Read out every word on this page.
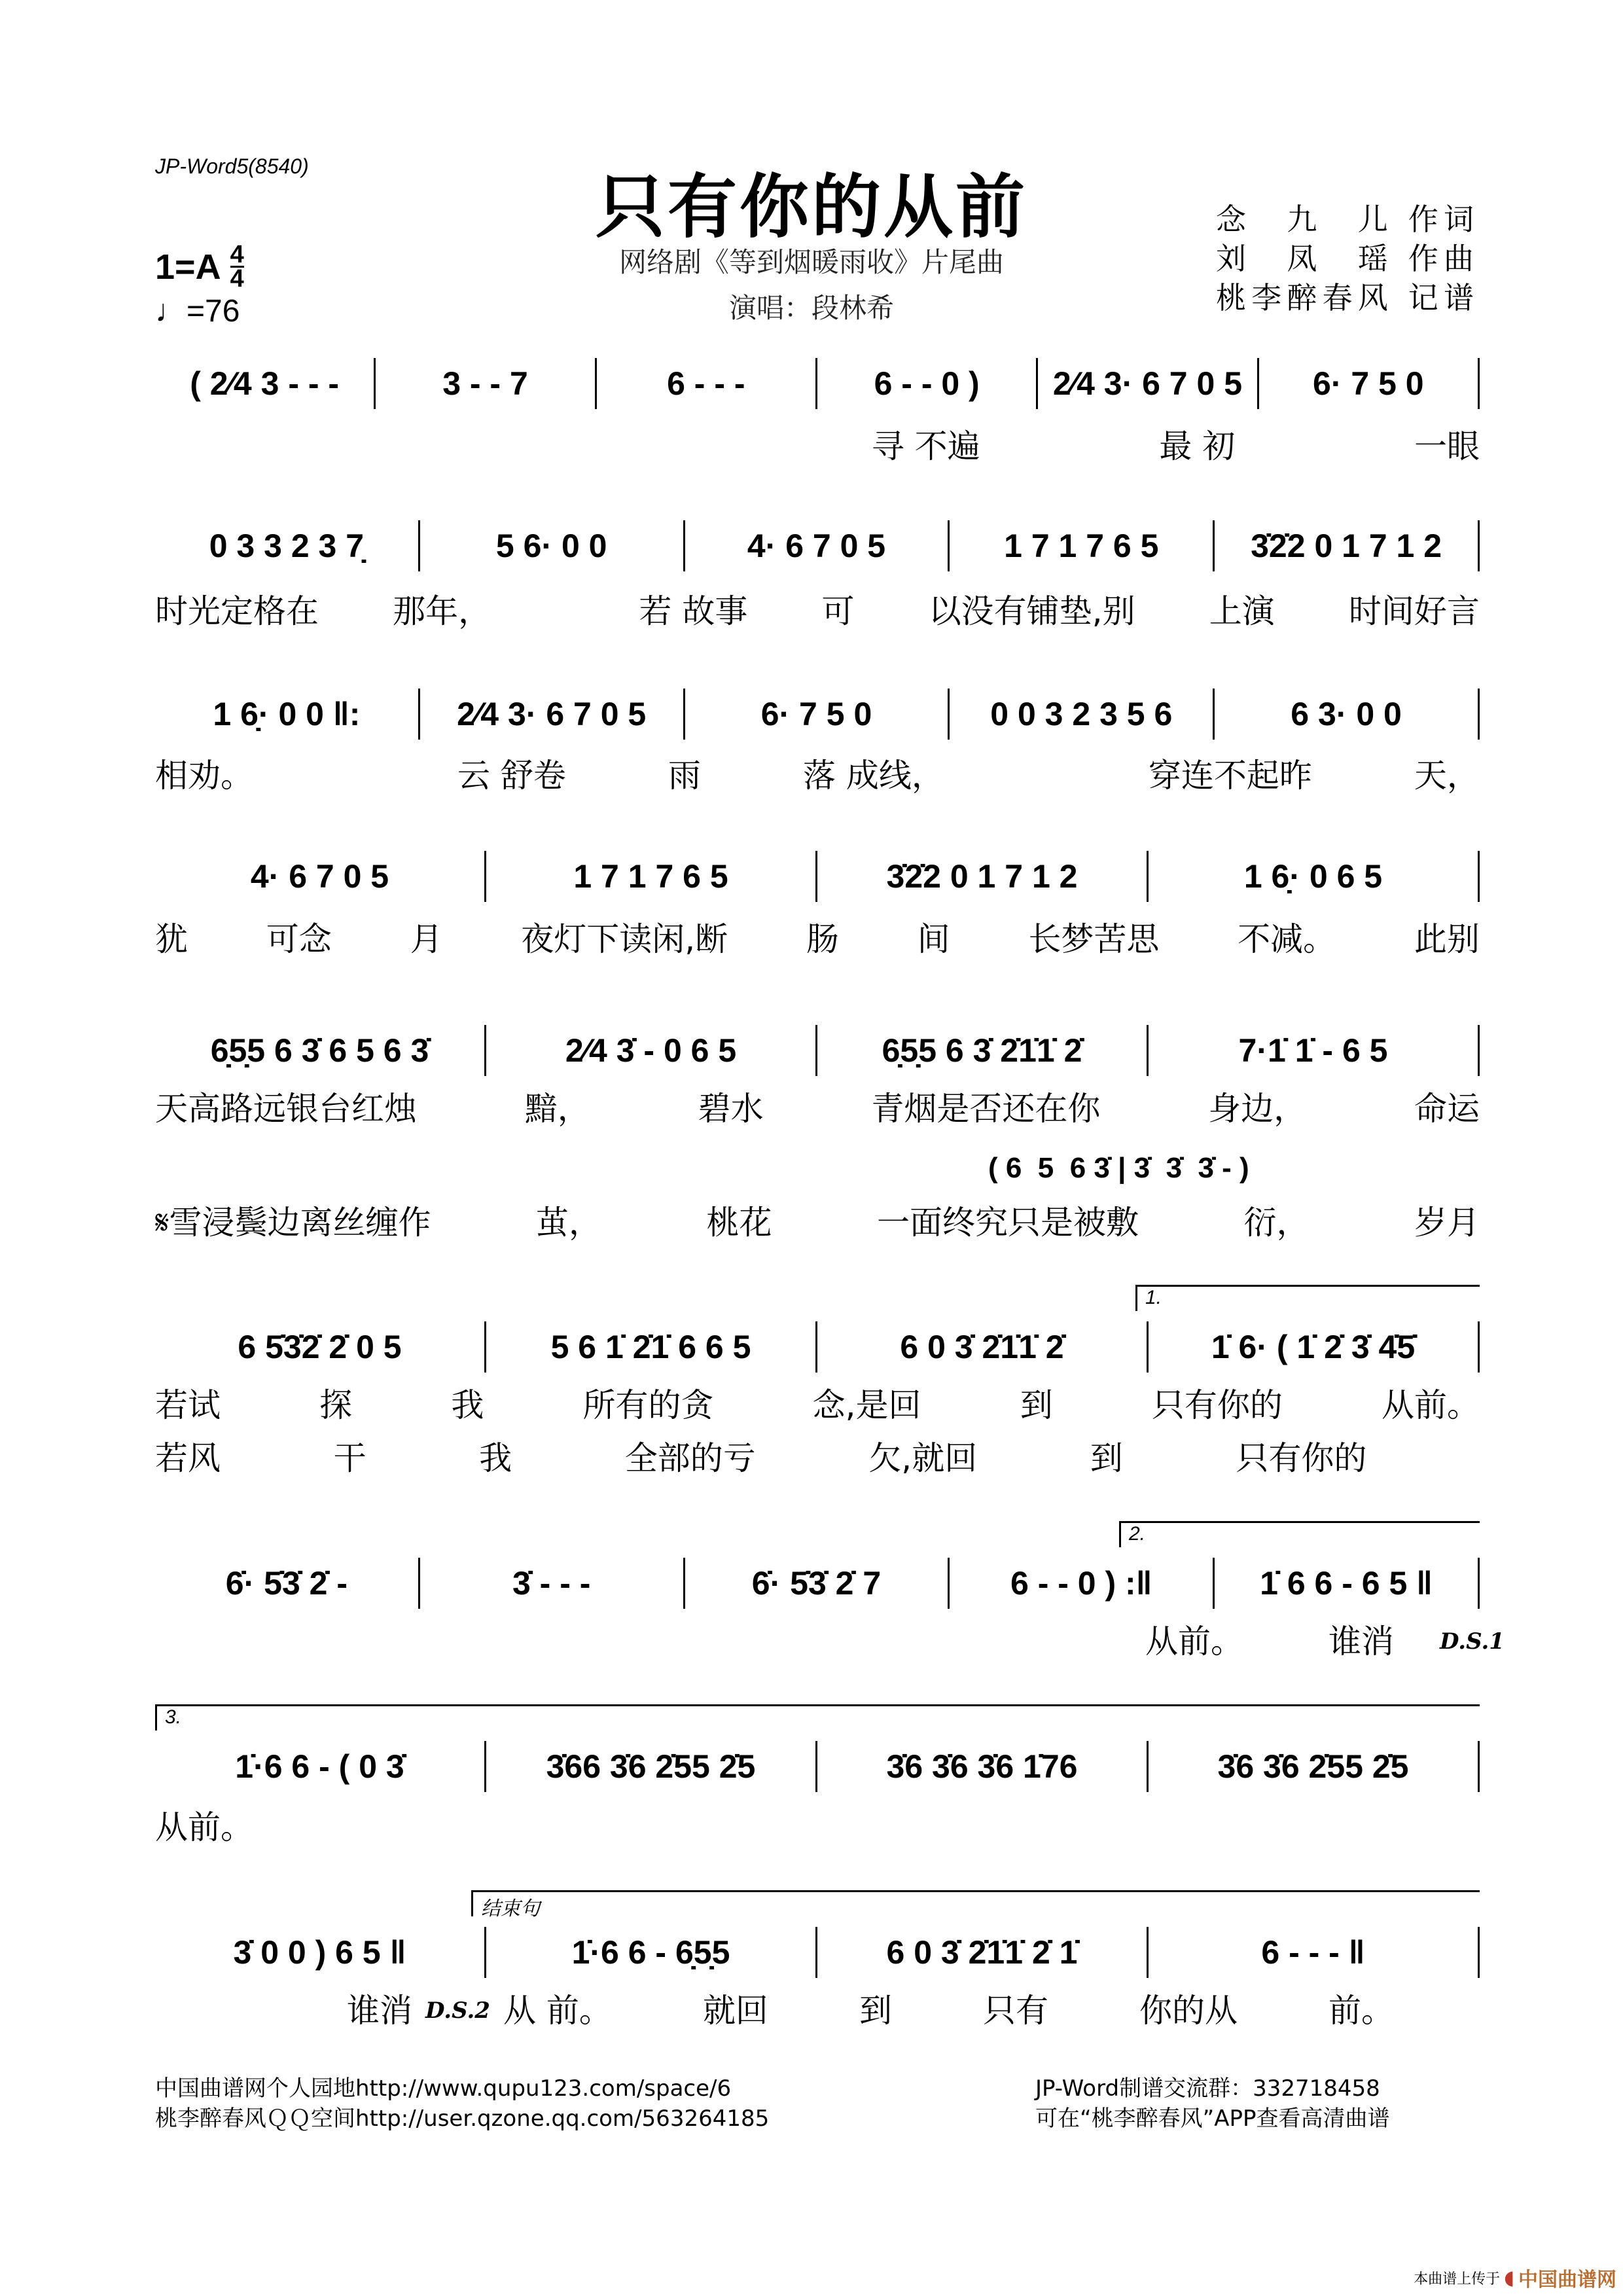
JP-Word5(8540)	只有你的从前
网络剧《等到烟暖雨收》片尾曲
演唱：段林希
念　九　儿 作词
刘　凤　瑶 作曲
桃李醉春风 记谱
$1=A \frac{4}{4}$
♩=76
( 2⁄4 3 - - -	3 - - 7	6 - - -	6 - - 0 )	2⁄4 3· 6 7 0 5	6· 7 5 0
寻 不遍	最 初	一眼
0 3 3 2 3 7̣	5 6· 0 0	4· 6 7 0 5	1 7 1 7 6 5	3̇2̇2 0 1 7 1 2
时光定格在 那年，	若 故事 可 以没有铺垫,别 上演 时间好言
1 6̣· 0 0 ‖:	2⁄4 3· 6 7 0 5	6· 7 5 0	0 0 3 2 3 5 6	6 3· 0 0
相劝。	云 舒卷	雨	落 成线，	穿连不起昨	天，
4· 6 7 0 5	1 7 1 7 6 5	3̇2̇2 0 1 7 1 2	1 6̣· 0 6 5
犹 可念 月 夜灯下读闲,断 肠 间 长梦苦思 不减。 此别
6̣5̣5 6 3̇ 6 5 6 3̇	2⁄4 3̇ - 0 6 5	6̣5̣5 6 3̇ 2̇1̇1̇ 2̇	7·1̇ 1̇ - 6 5
( 6  5  6 3̇ | 3̇  3̇  3̇ - )
天高路远银台红烛	黯，	碧水	青烟是否还在你	身边，	命运
𝄋雪浸鬓边离丝缠作	茧，	桃花	一面终究只是被敷	衍，	岁月
6 5̇3̇2̇ 2̇ 0 5	5 6 1̇ 2̇1̇ 6 6 5	6 0 3̇ 2̇1̇1̇ 2̇	1̇ 6· ( 1̇ 2̇ 3̇ 4̇5̇
1.
若试	探	我	所有的贪	念,是回	到	只有你的	从前。
若风	干	我	全部的亏	欠,就回	到	只有你的
6̇· 5̇3̇ 2̇ -	3̇ - - -	6̇· 5̇3̇ 2̇ 7	6 - - 0 ) :‖	1̇ 6 6 - 6 5 ‖
2.
D.S.1
从前。	谁消
1̇·6 6 - ( 0 3̇	3̇66 3̇6 2̇55 2̇5	3̇6 3̇6 3̇6 1̇76	3̇6 3̇6 2̇55 2̇5
3.
从前。
3̇ 0 0 ) 6 5 ‖	1̇·6 6 - 6̣5̣5	6 0 3̇ 2̇1̇1̇ 2̇ 1̇	6 - - - ‖
结束句
D.S.2
谁消	从 前。	就回	到	只有	你的从	前。
中国曲谱网个人园地http://www.qupu123.com/space/6
桃李醉春风ＱＱ空间http://user.qzone.qq.com/563264185
JP-Word制谱交流群：332718458
可在“桃李醉春风”APP查看高清曲谱
本曲谱上传于 ◖ 中国曲谱网
